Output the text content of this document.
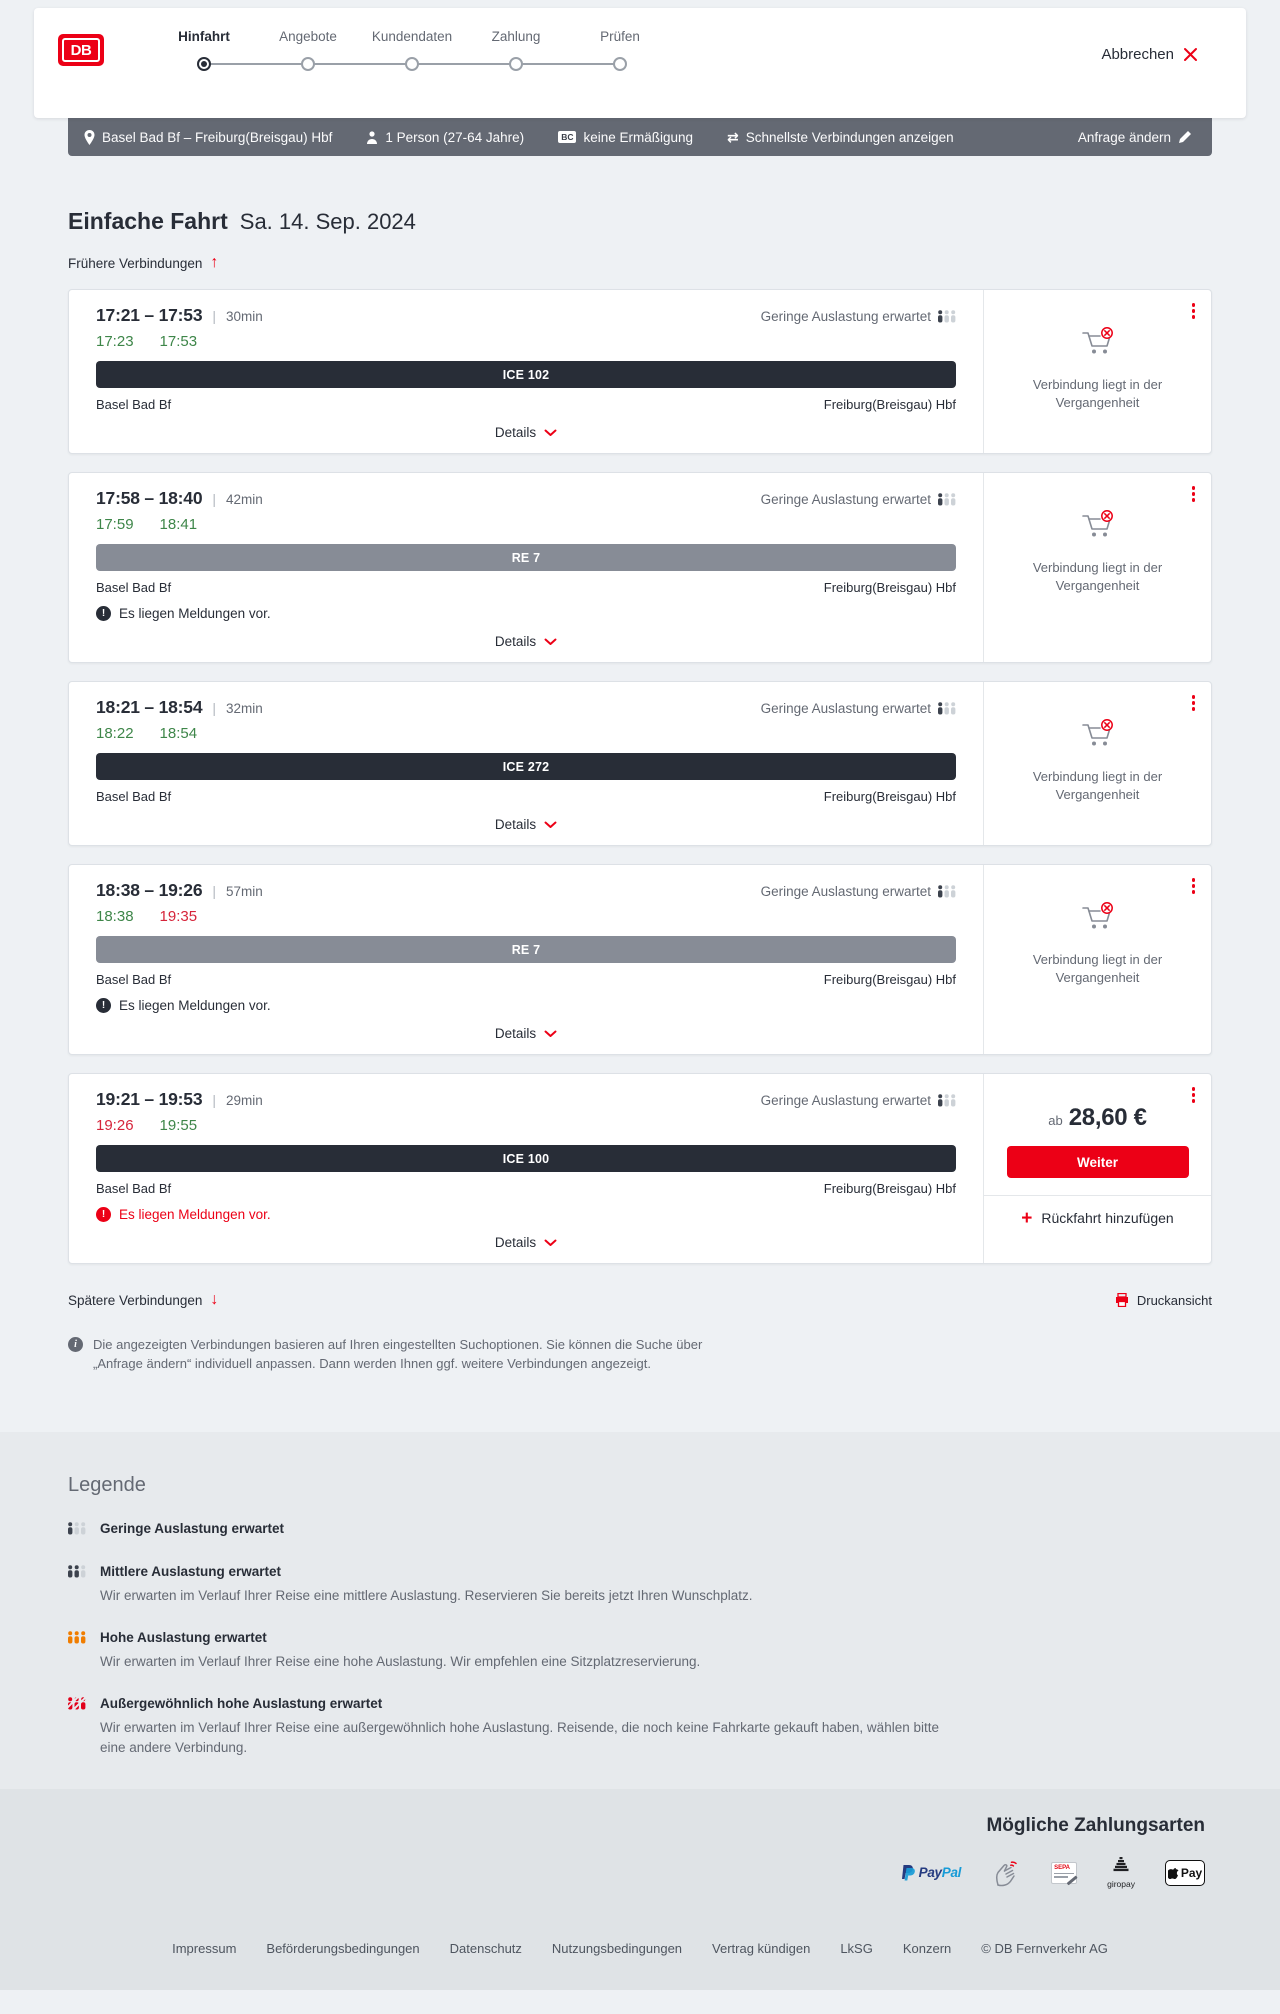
DB
Hinfahrt	Angebote	Kundendaten	Zahlung	Prüfen
Abbrechen
Basel Bad Bf – Freiburg(Breisgau) Hbf	1 Person (27-64 Jahre)	BC keine Ermäßigung ⇄ Schnellste Verbindungen anzeigen	Anfrage ändern
Einfache Fahrt Sa. 14. Sep. 2024
Frühere Verbindungen ↑
17:21 – 17:53 | 30min	Geringe Auslastung erwartet
17:23 17:53
ICE 102
Basel Bad Bf	Freiburg(Breisgau) Hbf
Details
Verbindung liegt in der Vergangenheit
17:58 – 18:40 | 42min	Geringe Auslastung erwartet
17:59 18:41
RE 7
Basel Bad Bf	Freiburg(Breisgau) Hbf
!	Es liegen Meldungen vor.
Details
Verbindung liegt in der Vergangenheit
18:21 – 18:54 | 32min	Geringe Auslastung erwartet
18:22 18:54
ICE 272
Basel Bad Bf	Freiburg(Breisgau) Hbf
Details
Verbindung liegt in der Vergangenheit
18:38 – 19:26 | 57min	Geringe Auslastung erwartet
18:38 19:35
RE 7
Basel Bad Bf	Freiburg(Breisgau) Hbf
!	Es liegen Meldungen vor.
Details
Verbindung liegt in der Vergangenheit
19:21 – 19:53 | 29min	Geringe Auslastung erwartet
19:26 19:55
ICE 100
Basel Bad Bf	Freiburg(Breisgau) Hbf
!	Es liegen Meldungen vor.
Details
ab 28,60 €
Weiter
+ Rückfahrt hinzufügen
Spätere Verbindungen ↓	Druckansicht
i	Die angezeigten Verbindungen basieren auf Ihren eingestellten Suchoptionen. Sie können die Suche über „Anfrage ändern“ individuell anpassen. Dann werden Ihnen ggf. weitere Verbindungen angezeigt.

Legende
Geringe Auslastung erwartet
Mittlere Auslastung erwartet
Wir erwarten im Verlauf Ihrer Reise eine mittlere Auslastung. Reservieren Sie bereits jetzt Ihren Wunschplatz.
Hohe Auslastung erwartet
Wir erwarten im Verlauf Ihrer Reise eine hohe Auslastung. Wir empfehlen eine Sitzplatzreservierung.
Außergewöhnlich hohe Auslastung erwartet
Wir erwarten im Verlauf Ihrer Reise eine außergewöhnlich hohe Auslastung. Reisende, die noch keine Fahrkarte gekauft haben, wählen bitte eine andere Verbindung.
Mögliche Zahlungsarten
PayPal	SEPA
giropay
Pay
Impressum Beförderungsbedingungen Datenschutz Nutzungsbedingungen Vertrag kündigen LkSG Konzern © DB Fernverkehr AG
